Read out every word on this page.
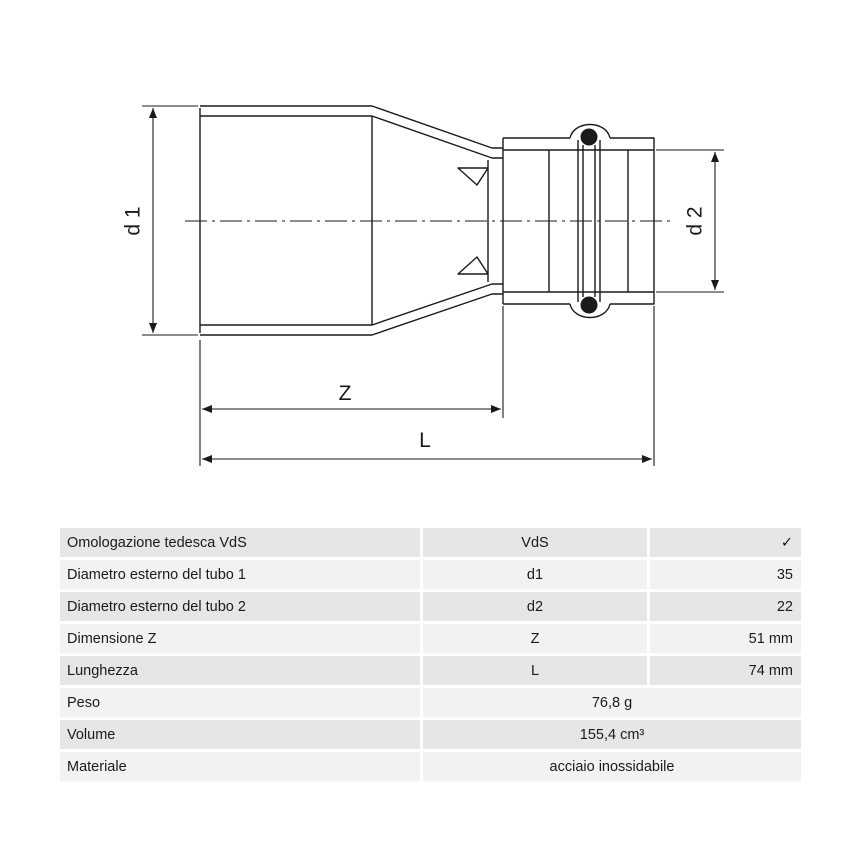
d 1	d 2
Z
L
Omologazione tedesca VdS	VdS	✓
Diametro esterno del tubo 1	d1	35
Diametro esterno del tubo 2	d2	22
Dimensione Z	Z	51 mm
Lunghezza	L	74 mm
Peso	76,8 g	
Volume	155,4 cm³	
Materiale	acciaio inossidabile	
